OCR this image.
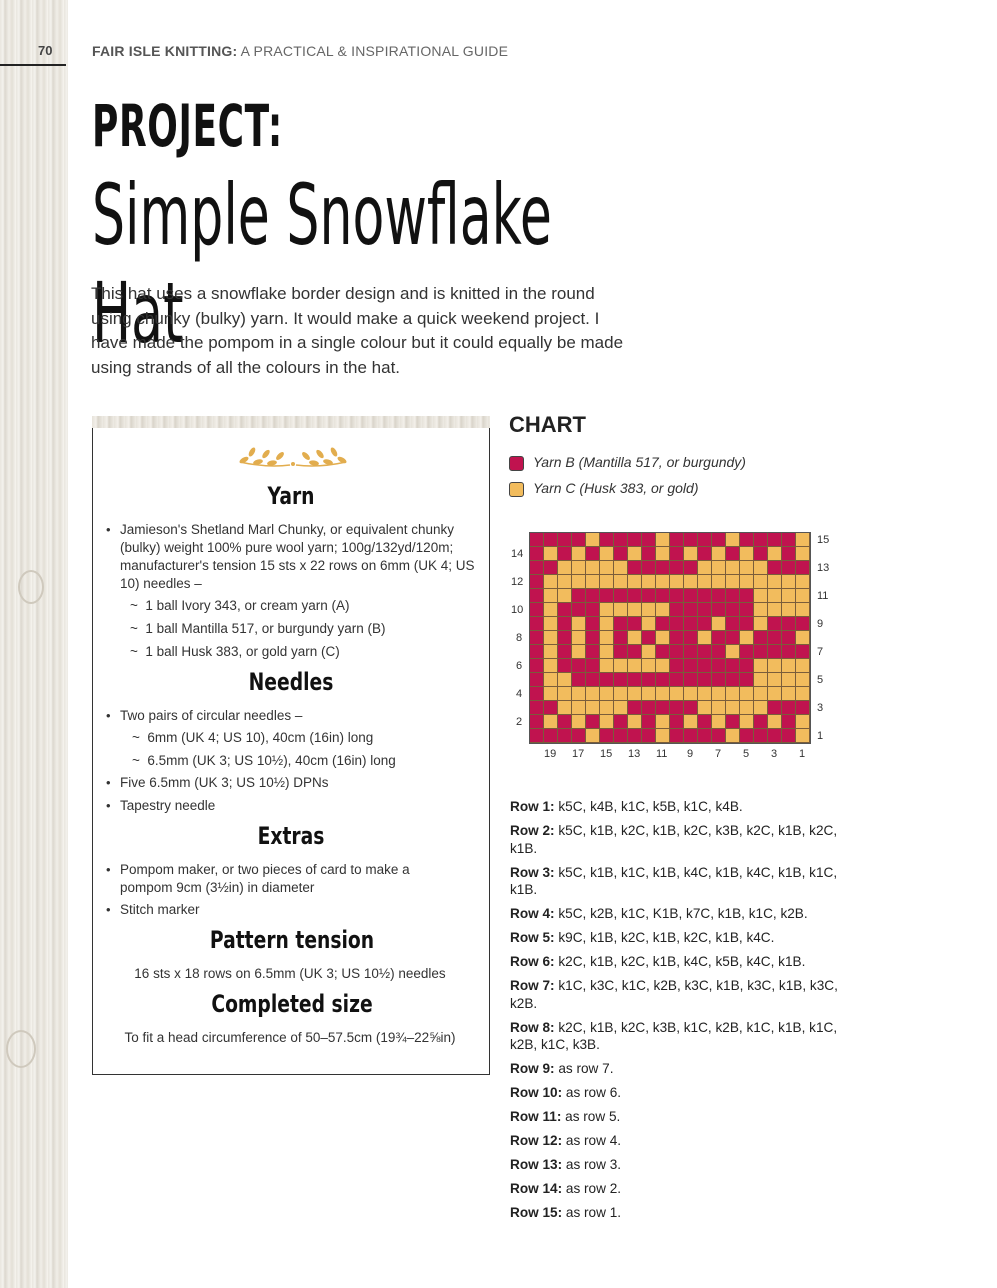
70	FAIR ISLE KNITTING: A PRACTICAL & INSPIRATIONAL GUIDE
PROJECT:
Simple Snowflake Hat
This hat uses a snowflake border design and is knitted in the round using chunky (bulky) yarn. It would make a quick weekend project. I have made the pompom in a single colour but it could equally be made using strands of all the colours in the hat.
Yarn
• Jamieson's Shetland Marl Chunky, or equivalent chunky (bulky) weight 100% pure wool yarn; 100g/132yd/120m; manufacturer's tension 15 sts x 22 rows on 6mm (UK 4; US 10) needles –
~  1 ball Ivory 343, or cream yarn (A)
~  1 ball Mantilla 517, or burgundy yarn (B)
~  1 ball Husk 383, or gold yarn (C)
Needles
• Two pairs of circular needles –
~  6mm (UK 4; US 10), 40cm (16in) long
~  6.5mm (UK 3; US 10½), 40cm (16in) long
• Five 6.5mm (UK 3; US 10½) DPNs
• Tapestry needle
Extras
• Pompom maker, or two pieces of card to make a pompom 9cm (3½in) in diameter
• Stitch marker
Pattern tension
16 sts x 18 rows on 6.5mm (UK 3; US 10½) needles
Completed size
To fit a head circumference of 50–57.5cm (19¾–22⅝in)
CHART
Yarn B (Mantilla 517, or burgundy)
Yarn C (Husk 383, or gold)
14
12
10
8
6
4
2
15
13
11
9
7
5
3
1
19 17 15 13 11 9 7 5 3 1
Row 1: k5C, k4B, k1C, k5B, k1C, k4B.
Row 2: k5C, k1B, k2C, k1B, k2C, k3B, k2C, k1B, k2C, k1B.
Row 3: k5C, k1B, k1C, k1B, k4C, k1B, k4C, k1B, k1C, k1B.
Row 4: k5C, k2B, k1C, K1B, k7C, k1B, k1C, k2B.
Row 5: k9C, k1B, k2C, k1B, k2C, k1B, k4C.
Row 6: k2C, k1B, k2C, k1B, k4C, k5B, k4C, k1B.
Row 7: k1C, k3C, k1C, k2B, k3C, k1B, k3C, k1B, k3C, k2B.
Row 8: k2C, k1B, k2C, k3B, k1C, k2B, k1C, k1B, k1C, k2B, k1C, k3B.
Row 9: as row 7.
Row 10: as row 6.
Row 11: as row 5.
Row 12: as row 4.
Row 13: as row 3.
Row 14: as row 2.
Row 15: as row 1.
